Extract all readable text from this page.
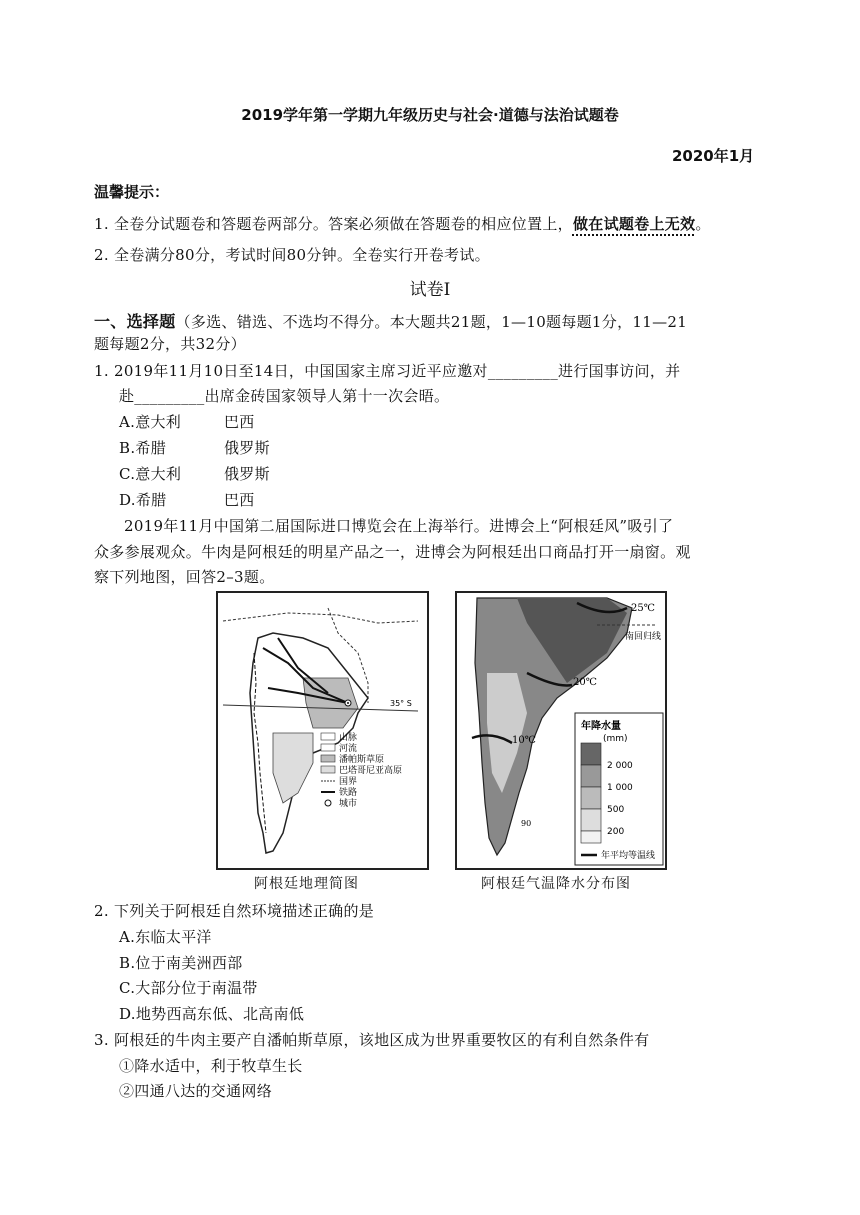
2019学年第一学期九年级历史与社会·道德与法治试题卷
2020年1月
温馨提示：
1. 全卷分试题卷和答题卷两部分。答案必须做在答题卷的相应位置上，做在试题卷上无效。
2. 全卷满分80分，考试时间80分钟。全卷实行开卷考试。
试卷Ⅰ
一、选择题（多选、错选、不选均不得分。本大题共21题，1—10题每题1分，11—21
题每题2分，共32分）
1. 2019年11月10日至14日，中国国家主席习近平应邀对_________进行国事访问，并
赴_________出席金砖国家领导人第十一次会晤。
A.意大利	巴西
B.希腊	俄罗斯
C.意大利	俄罗斯
D.希腊	巴西
2019年11月中国第二届国际进口博览会在上海举行。进博会上“阿根廷风”吸引了
众多参展观众。牛肉是阿根廷的明星产品之一，进博会为阿根廷出口商品打开一扇窗。观
察下列地图，回答2–3题。
35° S
山脉
河流
潘帕斯草原
巴塔哥尼亚高原
国界
铁路
城市
25℃
南回归线
20℃
10℃
90
年降水量
(mm)
2 000
1 000
500
200
年平均等温线
阿根廷地理简图	阿根廷气温降水分布图
2. 下列关于阿根廷自然环境描述正确的是
A.东临太平洋
B.位于南美洲西部
C.大部分位于南温带
D.地势西高东低、北高南低
3. 阿根廷的牛肉主要产自潘帕斯草原，该地区成为世界重要牧区的有利自然条件有
①降水适中，利于牧草生长
②四通八达的交通网络
